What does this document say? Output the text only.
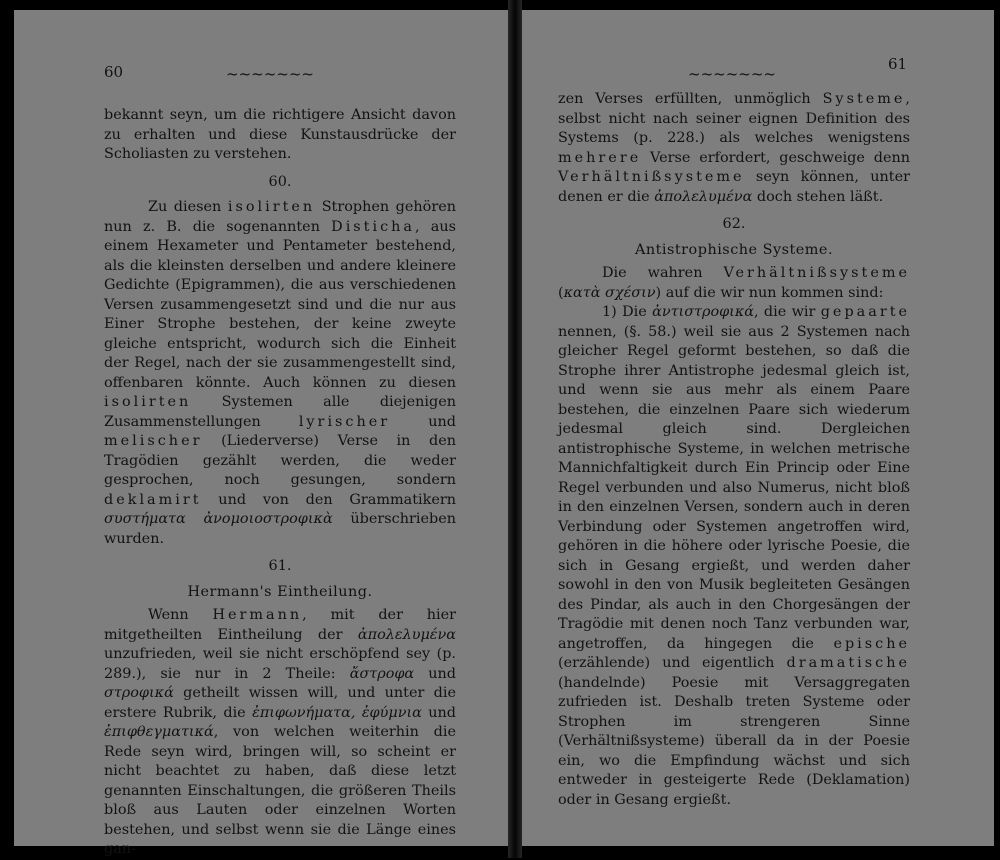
60	~~~~~~~

bekannt seyn, um die richtigere Ansicht davon zu erhalten und diese Kunstausdrücke der Scholiasten zu verstehen.

60.

Zu diesen isolirten Strophen gehören nun z. B. die sogenannten Disticha, aus einem Hexameter und Pentameter bestehend, als die kleinsten derselben und andere kleinere Gedichte (Epigrammen), die aus verschiedenen Versen zusammengesetzt sind und die nur aus Einer Strophe bestehen, der keine zweyte gleiche entspricht, wodurch sich die Einheit der Regel, nach der sie zusammengestellt sind, offenbaren könnte. Auch können zu diesen isolirten Systemen alle diejenigen Zusammenstellungen lyrischer und melischer (Liederverse) Verse in den Tragödien gezählt werden, die weder gesprochen, noch gesungen, sondern deklamirt und von den Grammatikern συστήματα ἀνομοιοστροφικὰ überschrieben wurden.

61.
Hermann's Eintheilung.

Wenn Hermann, mit der hier mitgetheilten Eintheilung der ἀπολελυμένα unzufrieden, weil sie nicht erschöpfend sey (p. 289.), sie nur in 2 Theile: ἄστροφα und στροφικά getheilt wissen will, und unter die erstere Rubrik, die ἐπιφωνήματα, ἐφύμνια und ἐπιφθεγματικά, von welchen weiterhin die Rede seyn wird, bringen will, so scheint er nicht beachtet zu haben, daß diese letzt genannten Einschaltungen, die größeren Theils bloß aus Lauten oder einzelnen Worten bestehen, und selbst wenn sie die Länge eines gan-

~~~~~~~
61

zen Verses erfüllten, unmöglich Systeme, selbst nicht nach seiner eignen Definition des Systems (p. 228.) als welches wenigstens mehrere Verse erfordert, geschweige denn Verhältnißsysteme seyn können, unter denen er die ἀπολελυμένα doch stehen läßt.

62.
Antistrophische Systeme.

Die wahren Verhältnißsysteme (κατὰ σχέσιν) auf die wir nun kommen sind:

1) Die ἀντιστροφικά, die wir gepaarte nennen, (§. 58.) weil sie aus 2 Systemen nach gleicher Regel geformt bestehen, so daß die Strophe ihrer Antistrophe jedesmal gleich ist, und wenn sie aus mehr als einem Paare bestehen, die einzelnen Paare sich wiederum jedesmal gleich sind. Dergleichen antistrophische Systeme, in welchen metrische Mannichfaltigkeit durch Ein Princip oder Eine Regel verbunden und also Numerus, nicht bloß in den einzelnen Versen, sondern auch in deren Verbindung oder Systemen angetroffen wird, gehören in die höhere oder lyrische Poesie, die sich in Gesang ergießt, und werden daher sowohl in den von Musik begleiteten Gesängen des Pindar, als auch in den Chorgesängen der Tragödie mit denen noch Tanz verbunden war, angetroffen, da hingegen die epische (erzählende) und eigentlich dramatische (handelnde) Poesie mit Versaggregaten zufrieden ist. Deshalb treten Systeme oder Strophen im strengeren Sinne (Verhältnißsysteme) überall da in der Poesie ein, wo die Empfindung wächst und sich entweder in gesteigerte Rede (Deklamation) oder in Gesang ergießt.
